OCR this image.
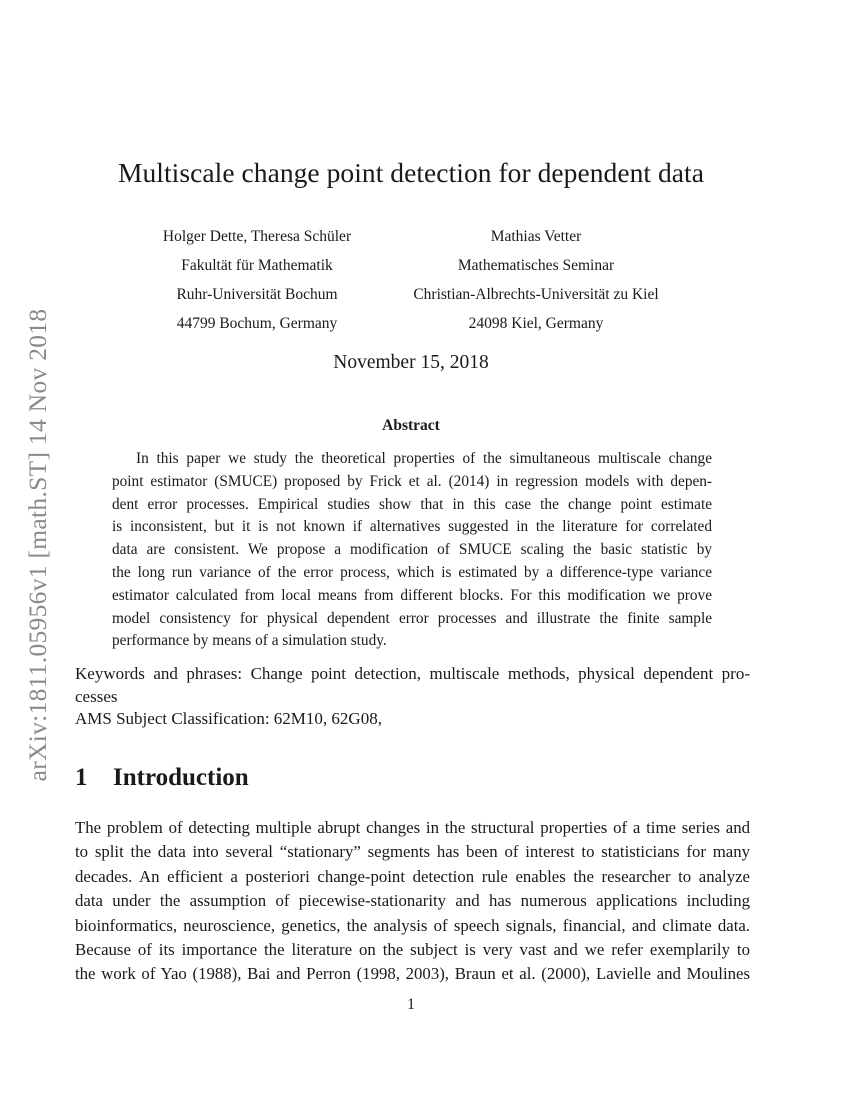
arXiv:1811.05956v1 [math.ST] 14 Nov 2018
Multiscale change point detection for dependent data
Holger Dette, Theresa Schüler
Fakultät für Mathematik
Ruhr-Universität Bochum
44799 Bochum, Germany
Mathias Vetter
Mathematisches Seminar
Christian-Albrechts-Universität zu Kiel
24098 Kiel, Germany
November 15, 2018
Abstract
In this paper we study the theoretical properties of the simultaneous multiscale change
point estimator (SMUCE) proposed by Frick et al. (2014) in regression models with depen-
dent error processes. Empirical studies show that in this case the change point estimate
is inconsistent, but it is not known if alternatives suggested in the literature for correlated
data are consistent. We propose a modification of SMUCE scaling the basic statistic by
the long run variance of the error process, which is estimated by a difference-type variance
estimator calculated from local means from different blocks. For this modification we prove
model consistency for physical dependent error processes and illustrate the finite sample
performance by means of a simulation study.
Keywords and phrases: Change point detection, multiscale methods, physical dependent pro-
cesses
AMS Subject Classification: 62M10, 62G08,
1 Introduction
The problem of detecting multiple abrupt changes in the structural properties of a time series and
to split the data into several “stationary” segments has been of interest to statisticians for many
decades. An efficient a posteriori change-point detection rule enables the researcher to analyze
data under the assumption of piecewise-stationarity and has numerous applications including
bioinformatics, neuroscience, genetics, the analysis of speech signals, financial, and climate data.
Because of its importance the literature on the subject is very vast and we refer exemplarily to
the work of Yao (1988), Bai and Perron (1998, 2003), Braun et al. (2000), Lavielle and Moulines
1
